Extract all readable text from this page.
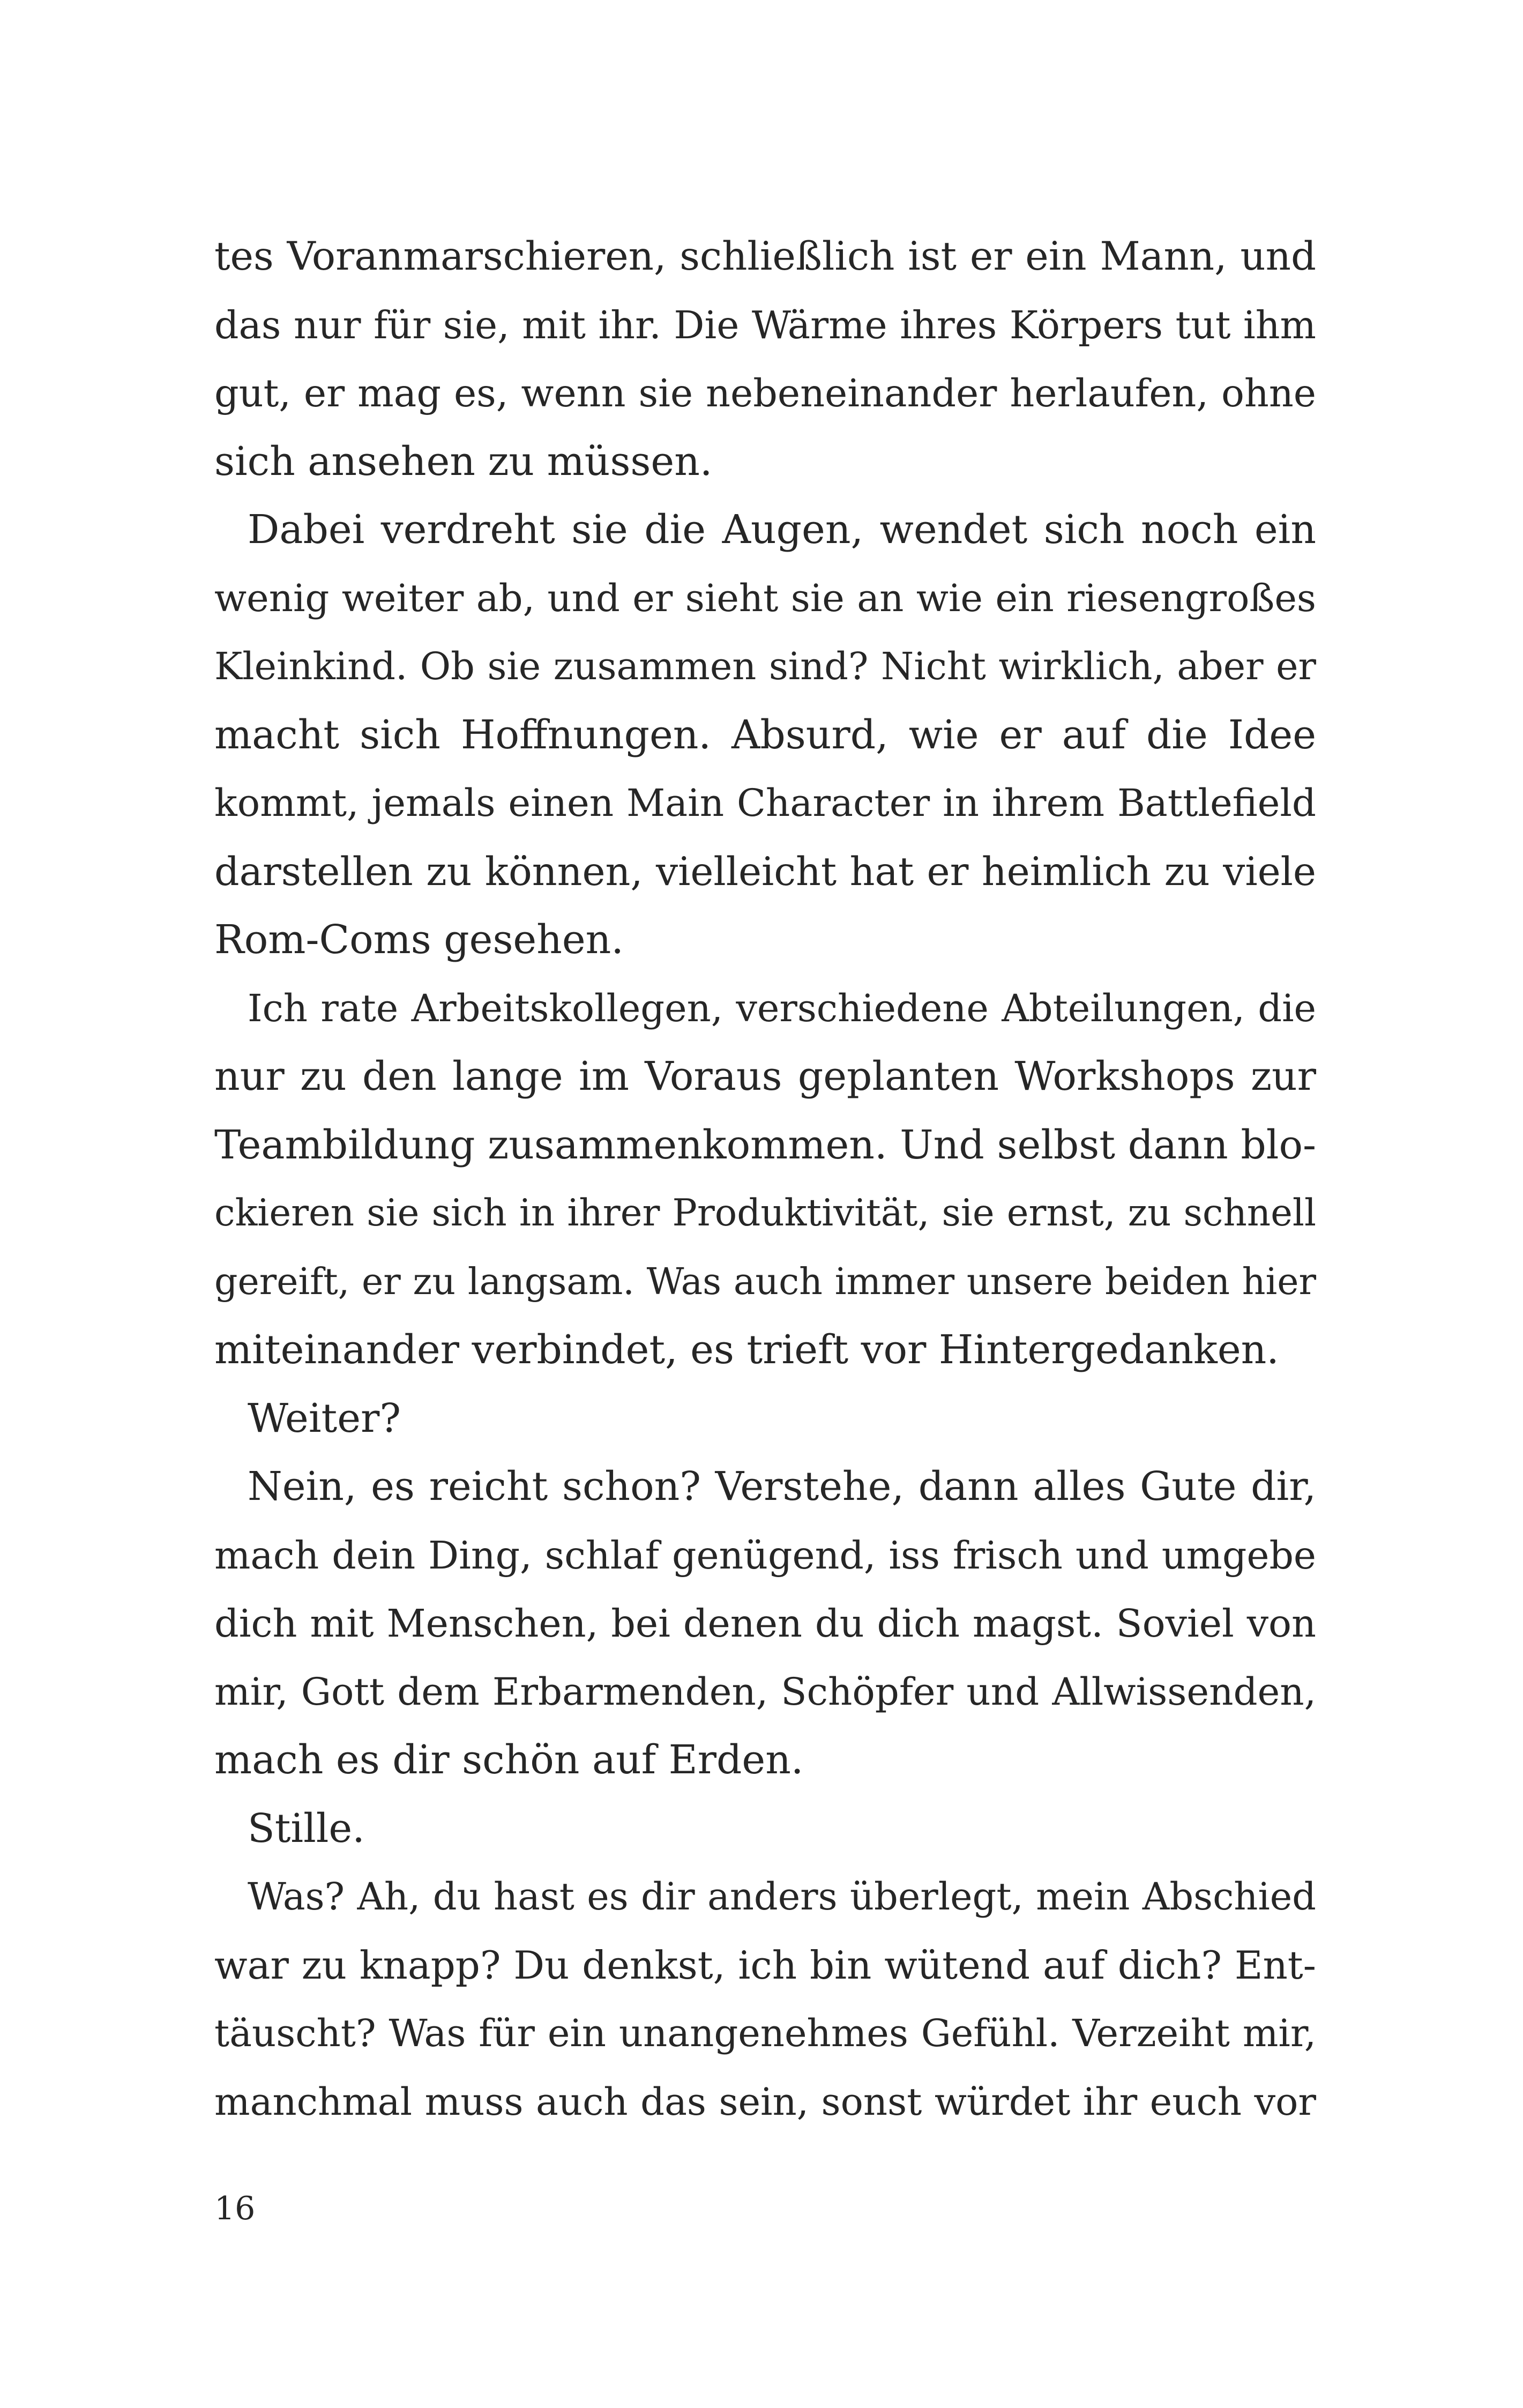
tes Voranmarschieren, schließlich ist er ein Mann, und
das nur für sie, mit ihr. Die Wärme ihres Körpers tut ihm
gut, er mag es, wenn sie nebeneinander herlaufen, ohne
sich ansehen zu müssen.
Dabei verdreht sie die Augen, wendet sich noch ein
wenig weiter ab, und er sieht sie an wie ein riesengroßes
Kleinkind. Ob sie zusammen sind? Nicht wirklich, aber er
macht sich Hoffnungen. Absurd, wie er auf die Idee
kommt, jemals einen Main Character in ihrem Battlefield
darstellen zu können, vielleicht hat er heimlich zu viele
Rom-Coms gesehen.
Ich rate Arbeitskollegen, verschiedene Abteilungen, die
nur zu den lange im Voraus geplanten Workshops zur
Teambildung zusammenkommen. Und selbst dann blo-
ckieren sie sich in ihrer Produktivität, sie ernst, zu schnell
gereift, er zu langsam. Was auch immer unsere beiden hier
miteinander verbindet, es trieft vor Hintergedanken.
Weiter?
Nein, es reicht schon? Verstehe, dann alles Gute dir,
mach dein Ding, schlaf genügend, iss frisch und umgebe
dich mit Menschen, bei denen du dich magst. Soviel von
mir, Gott dem Erbarmenden, Schöpfer und Allwissenden,
mach es dir schön auf Erden.
Stille.
Was? Ah, du hast es dir anders überlegt, mein Abschied
war zu knapp? Du denkst, ich bin wütend auf dich? Ent-
täuscht? Was für ein unangenehmes Gefühl. Verzeiht mir,
manchmal muss auch das sein, sonst würdet ihr euch vor
16
